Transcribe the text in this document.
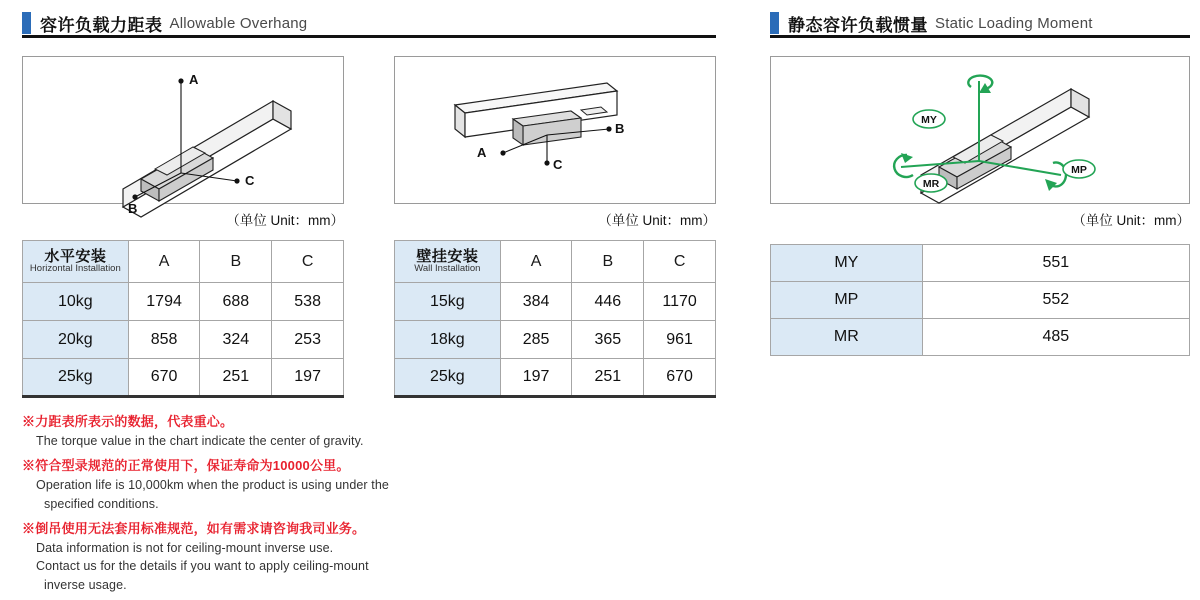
容许负载力距表 Allowable Overhang	静态容许负载惯量 Static Loading Moment
A
C
B
A
B
C
MY
MP
MR
（单位 Unit：mm）	（单位 Unit：mm）	（单位 Unit：mm）
水平安装
Horizontal Installation	A	B	C
10kg	1794	688	538
20kg	858	324	253
25kg	670	251	197
壁挂安装
Wall Installation	A	B	C
15kg	384	446	1170
18kg	285	365	961
25kg	197	251	670
MY	551
MP	552
MR	485
※力距表所表示的数据，代表重心。
The torque value in the chart indicate the center of gravity.
※符合型录规范的正常使用下，保证寿命为10000公里。
Operation life is 10,000km when the product is using under the
specified conditions.
※倒吊使用无法套用标准规范，如有需求请咨询我司业务。
Data information is not for ceiling-mount inverse use.
Contact us for the details if you want to apply ceiling-mount
inverse usage.
